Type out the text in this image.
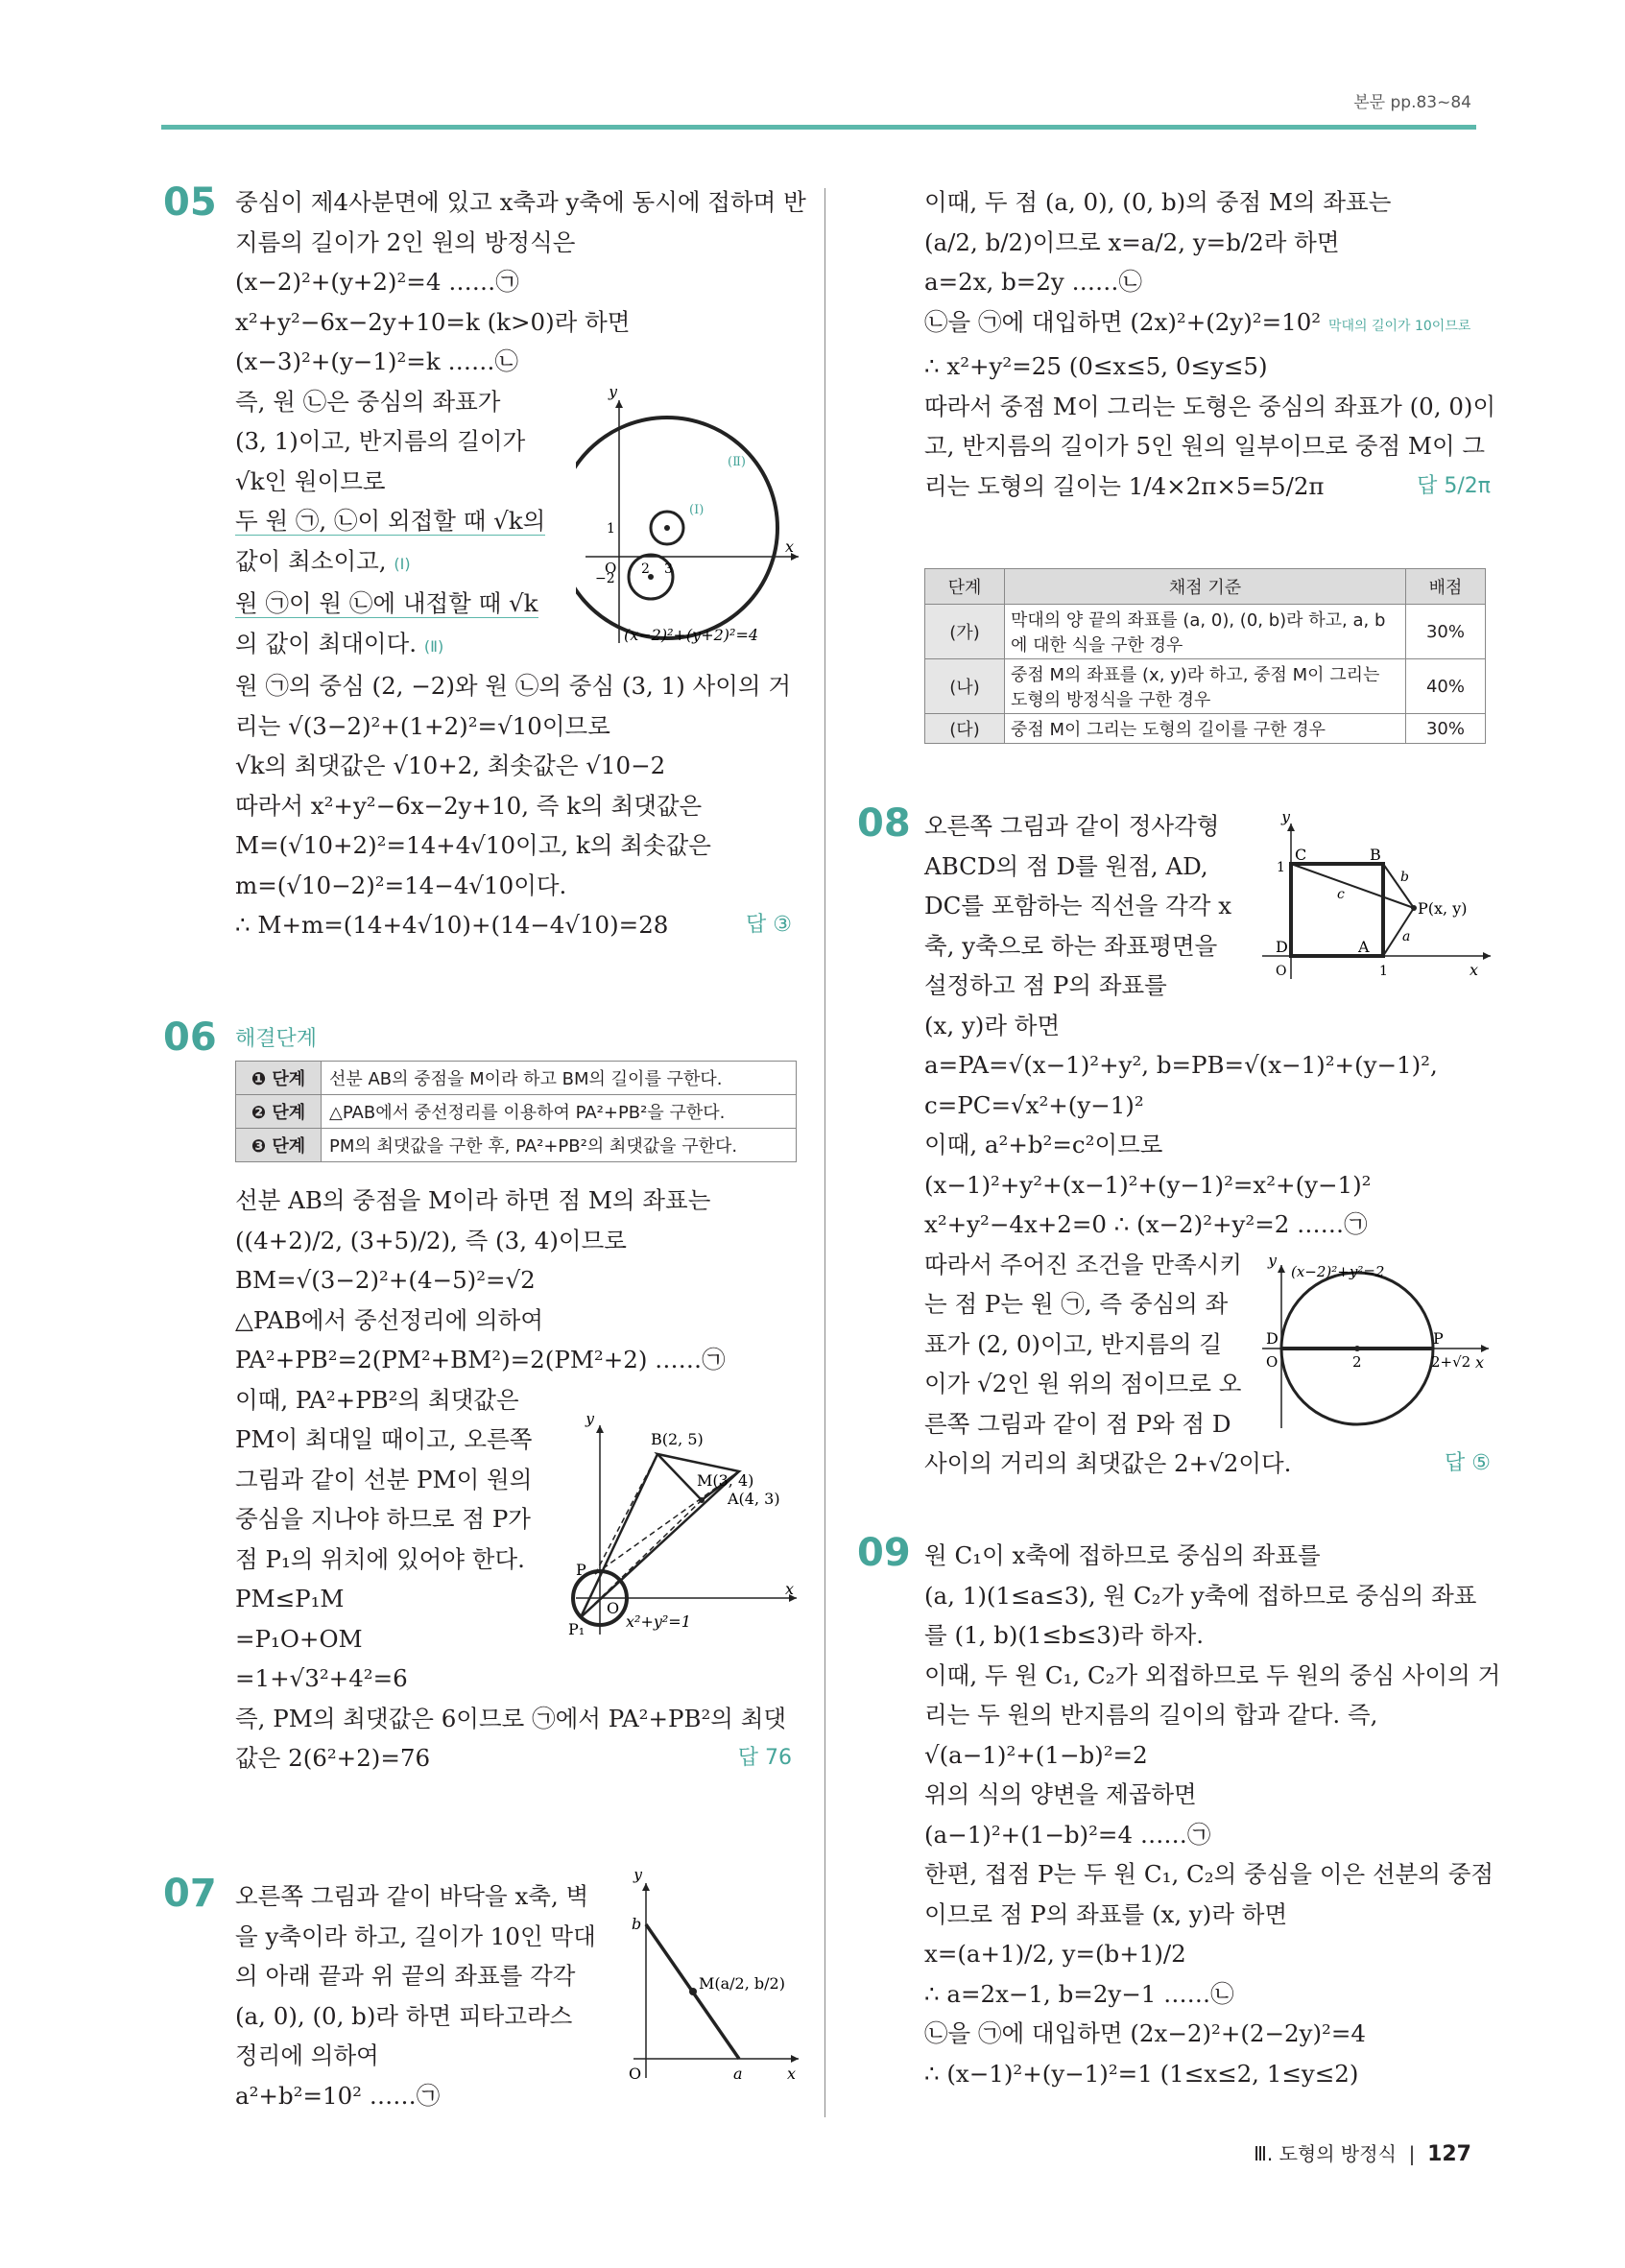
본문 pp.83~84
05 중심이 제4사분면에 있고 x축과 y축에 동시에 접하며 반
지름의 길이가 2인 원의 방정식은
(x−2)²+(y+2)²=4 ……㉠
x²+y²−6x−2y+10=k (k>0)라 하면
(x−3)²+(y−1)²=k ……㉡
즉, 원 ㉡은 중심의 좌표가
(3, 1)이고, 반지름의 길이가
√k인 원이므로
두 원 ㉠, ㉡이 외접할 때 √k의
값이 최소이고, (Ⅰ)
원 ㉠이 원 ㉡에 내접할 때 √k
의 값이 최대이다. (Ⅱ)
원 ㉠의 중심 (2, −2)와 원 ㉡의 중심 (3, 1) 사이의 거
리는 √(3−2)²+(1+2)²=√10이므로
√k의 최댓값은 √10+2, 최솟값은 √10−2
따라서 x²+y²−6x−2y+10, 즉 k의 최댓값은
M=(√10+2)²=14+4√10이고, k의 최솟값은
m=(√10−2)²=14−4√10이다.
∴ M+m=(14+4√10)+(14−4√10)=28	답 ③
y
x
O
1
2 3
−2
(Ⅰ)
(Ⅱ)
(x−2)²+(y+2)²=4
06 해결단계
❶ 단계	선분 AB의 중점을 M이라 하고 BM의 길이를 구한다.
❷ 단계	△PAB에서 중선정리를 이용하여 PA²+PB²을 구한다.
❸ 단계	PM의 최댓값을 구한 후, PA²+PB²의 최댓값을 구한다.
선분 AB의 중점을 M이라 하면 점 M의 좌표는
((4+2)/2, (3+5)/2), 즉 (3, 4)이므로
BM=√(3−2)²+(4−5)²=√2
△PAB에서 중선정리에 의하여
PA²+PB²=2(PM²+BM²)=2(PM²+2) ……㉠
이때, PA²+PB²의 최댓값은
PM이 최대일 때이고, 오른쪽
그림과 같이 선분 PM이 원의
중심을 지나야 하므로 점 P가
점 P₁의 위치에 있어야 한다.
PM≤P₁M
=P₁O+OM
=1+√3²+4²=6
즉, PM의 최댓값은 6이므로 ㉠에서 PA²+PB²의 최댓
값은 2(6²+2)=76	답 76
y
x
B(2, 5)
M(3, 4)
A(4, 3)
P
P₁
O
x²+y²=1
07 오른쪽 그림과 같이 바닥을 x축, 벽
을 y축이라 하고, 길이가 10인 막대
의 아래 끝과 위 끝의 좌표를 각각
(a, 0), (0, b)라 하면 피타고라스
정리에 의하여
a²+b²=10² ……㉠
y
x
b
a
O
M(a/2, b/2)
이때, 두 점 (a, 0), (0, b)의 중점 M의 좌표는
(a/2, b/2)이므로 x=a/2, y=b/2라 하면
a=2x, b=2y ……㉡
㉡을 ㉠에 대입하면 (2x)²+(2y)²=10² 막대의 길이가 10이므로
∴ x²+y²=25 (0≤x≤5, 0≤y≤5)
따라서 중점 M이 그리는 도형은 중심의 좌표가 (0, 0)이
고, 반지름의 길이가 5인 원의 일부이므로 중점 M이 그
리는 도형의 길이는 1/4×2π×5=5/2π	답 5/2π
단계	채점 기준	배점
(가)	막대의 양 끝의 좌표를 (a, 0), (0, b)라 하고, a, b에 대한 식을 구한 경우	30%
(나)	중점 M의 좌표를 (x, y)라 하고, 중점 M이 그리는 도형의 방정식을 구한 경우	40%
(다)	중점 M이 그리는 도형의 길이를 구한 경우	30%
08 오른쪽 그림과 같이 정사각형
ABCD의 점 D를 원점, AD,
DC를 포함하는 직선을 각각 x
축, y축으로 하는 좌표평면을
설정하고 점 P의 좌표를
(x, y)라 하면
a=PA=√(x−1)²+y², b=PB=√(x−1)²+(y−1)²,
c=PC=√x²+(y−1)²
이때, a²+b²=c²이므로
(x−1)²+y²+(x−1)²+(y−1)²=x²+(y−1)²
x²+y²−4x+2=0 ∴ (x−2)²+y²=2 ……㉠
따라서 주어진 조건을 만족시키
는 점 P는 원 ㉠, 즉 중심의 좌
표가 (2, 0)이고, 반지름의 길
이가 √2인 원 위의 점이므로 오
른쪽 그림과 같이 점 P와 점 D
사이의 거리의 최댓값은 2+√2이다.	답 ⑤
y
x
C	B
D	A
P(x, y)
1
1
O
c
b
a
y
x
(x−2)²+y²=2
D
O
P
2	2+√2
09 원 C₁이 x축에 접하므로 중심의 좌표를
(a, 1)(1≤a≤3), 원 C₂가 y축에 접하므로 중심의 좌표
를 (1, b)(1≤b≤3)라 하자.
이때, 두 원 C₁, C₂가 외접하므로 두 원의 중심 사이의 거
리는 두 원의 반지름의 길이의 합과 같다. 즉,
√(a−1)²+(1−b)²=2
위의 식의 양변을 제곱하면
(a−1)²+(1−b)²=4 ……㉠
한편, 접점 P는 두 원 C₁, C₂의 중심을 이은 선분의 중점
이므로 점 P의 좌표를 (x, y)라 하면
x=(a+1)/2, y=(b+1)/2
∴ a=2x−1, b=2y−1 ……㉡
㉡을 ㉠에 대입하면 (2x−2)²+(2−2y)²=4
∴ (x−1)²+(y−1)²=1 (1≤x≤2, 1≤y≤2)
Ⅲ. 도형의 방정식  |  127
